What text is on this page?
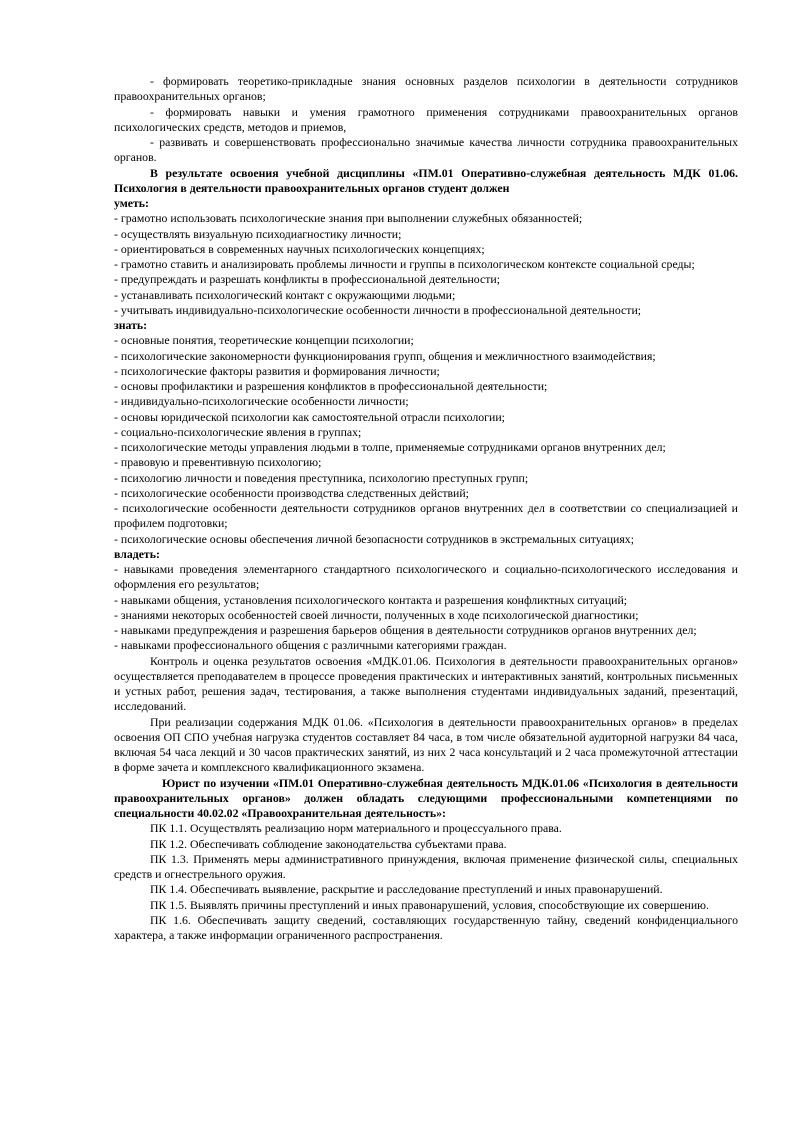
- формировать теоретико-прикладные знания основных разделов психологии в деятельности сотрудников правоохранительных органов;

- формировать навыки и умения грамотного применения сотрудниками правоохранительных органов психологических средств, методов и приемов,

- развивать и совершенствовать профессионально значимые качества личности сотрудника правоохранительных органов.

В результате освоения учебной дисциплины «ПМ.01 Оперативно-служебная деятельность МДК 01.06. Психология в деятельности правоохранительных органов студент должен

уметь:

- грамотно использовать психологические знания при выполнении служебных обязанностей;

- осуществлять визуальную психодиагностику личности;

- ориентироваться в современных научных психологических концепциях;

- грамотно ставить и анализировать проблемы личности и группы в психологическом контексте социальной среды;

- предупреждать и разрешать конфликты в профессиональной деятельности;

- устанавливать психологический контакт с окружающими людьми;

- учитывать индивидуально-психологические особенности личности в профессиональной деятельности;

знать:

- основные понятия, теоретические концепции психологии;

- психологические закономерности функционирования групп, общения и межличностного взаимодействия;

- психологические факторы развития и формирования личности;

- основы профилактики и разрешения конфликтов в профессиональной деятельности;

- индивидуально-психологические особенности личности;

- основы юридической психологии как самостоятельной отрасли психологии;

- социально-психологические явления в группах;

- психологические методы управления людьми в толпе, применяемые сотрудниками органов внутренних дел;

- правовую и превентивную психологию;

- психологию личности и поведения преступника, психологию преступных групп;

- психологические особенности производства следственных действий;

- психологические особенности деятельности сотрудников органов внутренних дел в соответствии со специализацией и профилем подготовки;

- психологические основы обеспечения личной безопасности сотрудников в экстремальных ситуациях;

владеть:

- навыками проведения элементарного стандартного психологического и социально-психологического исследования и оформления его результатов;

- навыками общения, установления психологического контакта и разрешения конфликтных ситуаций;

- знаниями некоторых особенностей своей личности, полученных в ходе психологической диагностики;

- навыками предупреждения и разрешения барьеров общения в деятельности сотрудников органов внутренних дел;

- навыками профессионального общения с различными категориями граждан.

Контроль и оценка результатов освоения «МДК.01.06. Психология в деятельности правоохранительных органов» осуществляется преподавателем в процессе проведения практических и интерактивных занятий, контрольных письменных и устных работ, решения задач, тестирования, а также выполнения студентами индивидуальных заданий, презентаций, исследований.

При реализации содержания МДК 01.06. «Психология в деятельности правоохранительных органов» в пределах освоения ОП СПО учебная нагрузка студентов составляет 84 часа, в том числе обязательной аудиторной нагрузки 84 часа, включая 54 часа лекций и 30 часов практических занятий, из них 2 часа консультаций и 2 часа промежуточной аттестации в форме зачета и комплексного квалификационного экзамена.

Юрист по изучении «ПМ.01 Оперативно-служебная деятельность МДК.01.06 «Психология в деятельности правоохранительных органов» должен обладать следующими профессиональными компетенциями по специальности 40.02.02 «Правоохранительная деятельность»:

ПК 1.1. Осуществлять реализацию норм материального и процессуального права.

ПК 1.2. Обеспечивать соблюдение законодательства субъектами права.

ПК 1.3. Применять меры административного принуждения, включая применение физической силы, специальных средств и огнестрельного оружия.

ПК 1.4. Обеспечивать выявление, раскрытие и расследование преступлений и иных правонарушений.

ПК 1.5. Выявлять причины преступлений и иных правонарушений, условия, способствующие их совершению.

ПК 1.6. Обеспечивать защиту сведений, составляющих государственную тайну, сведений конфиденциального характера, а также информации ограниченного распространения.
